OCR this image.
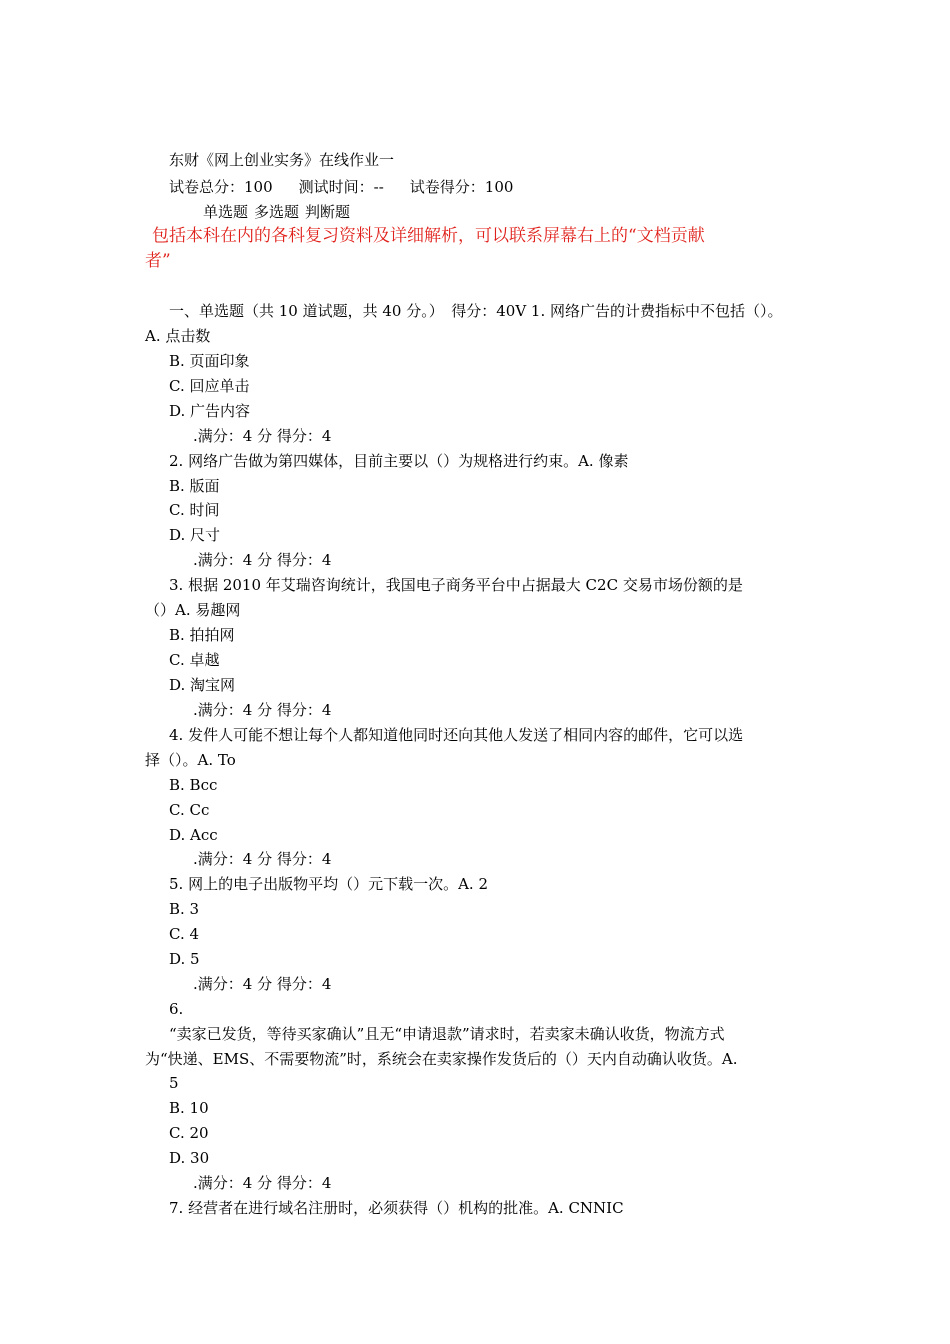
东财《网上创业实务》在线作业一
试卷总分：100 测试时间：-- 试卷得分：100
单选题 多选题 判断题
包括本科在内的各科复习资料及详细解析，可以联系屏幕右上的“文档贡献
者”
一、单选题（共 10 道试题，共 40 分。）　得分：40V 1. 网络广告的计费指标中不包括（）。
A. 点击数
B. 页面印象
C. 回应单击
D. 广告内容
.满分：4 分 得分：4
2. 网络广告做为第四媒体，目前主要以（）为规格进行约束。A. 像素
B. 版面
C. 时间
D. 尺寸
.满分：4 分 得分：4
3. 根据 2010 年艾瑞咨询统计，我国电子商务平台中占据最大 C2C 交易市场份额的是
（）A. 易趣网
B. 拍拍网
C. 卓越
D. 淘宝网
.满分：4 分 得分：4
4. 发件人可能不想让每个人都知道他同时还向其他人发送了相同内容的邮件，它可以选
择（）。A. To
B. Bcc
C. Cc
D. Acc
.满分：4 分 得分：4
5. 网上的电子出版物平均（）元下载一次。A. 2
B. 3
C. 4
D. 5
.满分：4 分 得分：4
6.
“卖家已发货，等待买家确认”且无“申请退款”请求时，若卖家未确认收货，物流方式
为“快递、EMS、不需要物流”时，系统会在卖家操作发货后的（）天内自动确认收货。A.
5
B. 10
C. 20
D. 30
.满分：4 分 得分：4
7. 经营者在进行域名注册时，必须获得（）机构的批准。A. CNNIC
